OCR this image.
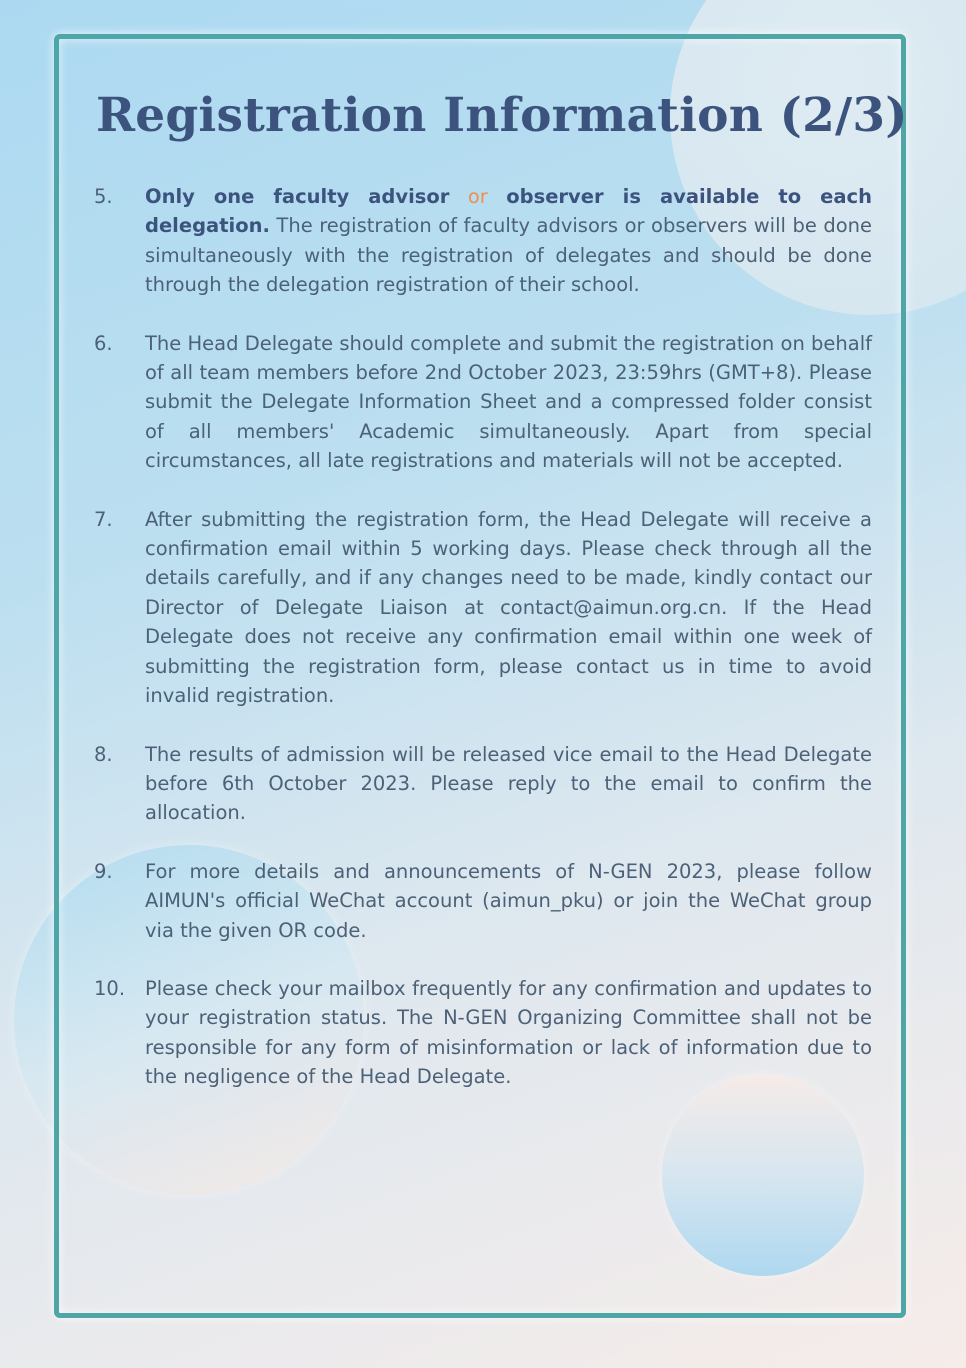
Registration Information (2/3)
5.	Only one faculty advisor or observer is available to each delegation. The registration of faculty advisors or observers will be done simultaneously with the registration of delegates and should be done through the delegation registration of their school.
6.	The Head Delegate should complete and submit the registration on behalf of all team members before 2nd October 2023, 23:59hrs (GMT+8). Please submit the Delegate Information Sheet and a compressed folder consist of all members' Academic simultaneously. Apart from special circumstances, all late registrations and materials will not be accepted.
7.	After submitting the registration form, the Head Delegate will receive a confirmation email within 5 working days. Please check through all the details carefully, and if any changes need to be made, kindly contact our Director of Delegate Liaison at contact@aimun.org.cn. If the Head Delegate does not receive any confirmation email within one week of submitting the registration form, please contact us in time to avoid invalid registration.
8.	The results of admission will be released vice email to the Head Delegate before 6th October 2023. Please reply to the email to confirm the allocation.
9.	For more details and announcements of N-GEN 2023, please follow AIMUN's official WeChat account (aimun_pku) or join the WeChat group via the given OR code.
10.	Please check your mailbox frequently for any confirmation and updates to your registration status. The N-GEN Organizing Committee shall not be responsible for any form of misinformation or lack of information due to the negligence of the Head Delegate.
